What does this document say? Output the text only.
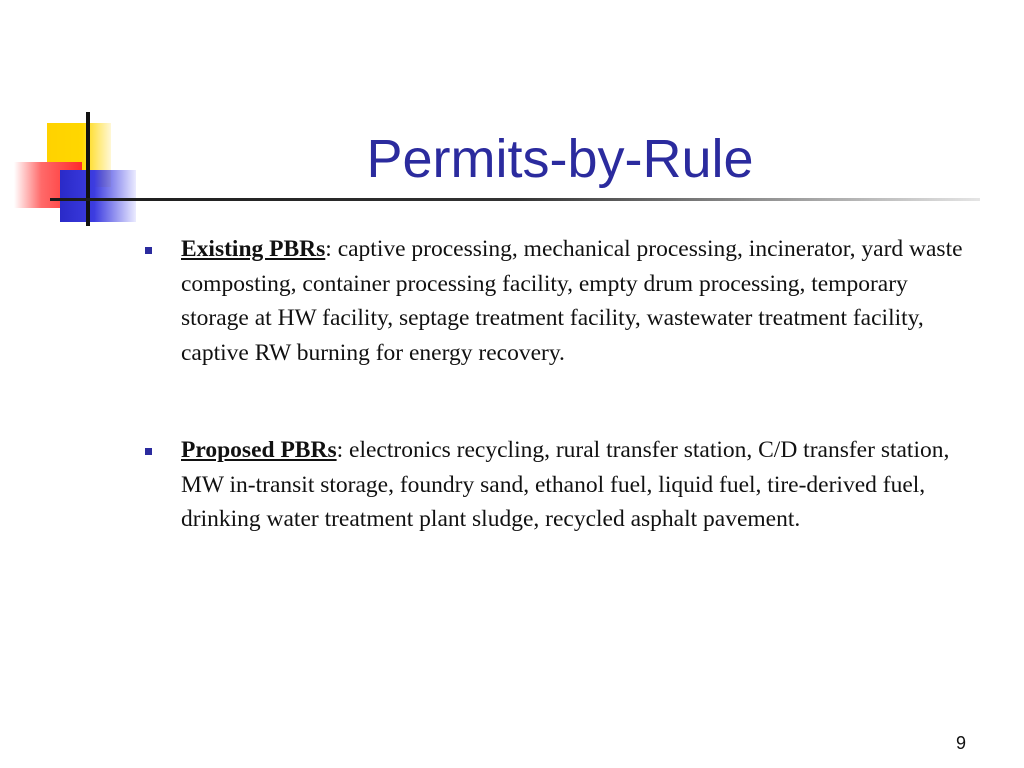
Permits-by-Rule
Existing PBRs: captive processing, mechanical processing, incinerator, yard waste composting, container processing facility, empty drum processing, temporary storage at HW facility, septage treatment facility, wastewater treatment facility, captive RW burning for energy recovery.
Proposed PBRs: electronics recycling, rural transfer station, C/D transfer station, MW in-transit storage, foundry sand, ethanol fuel, liquid fuel, tire-derived fuel, drinking water treatment plant sludge, recycled asphalt pavement.
9
